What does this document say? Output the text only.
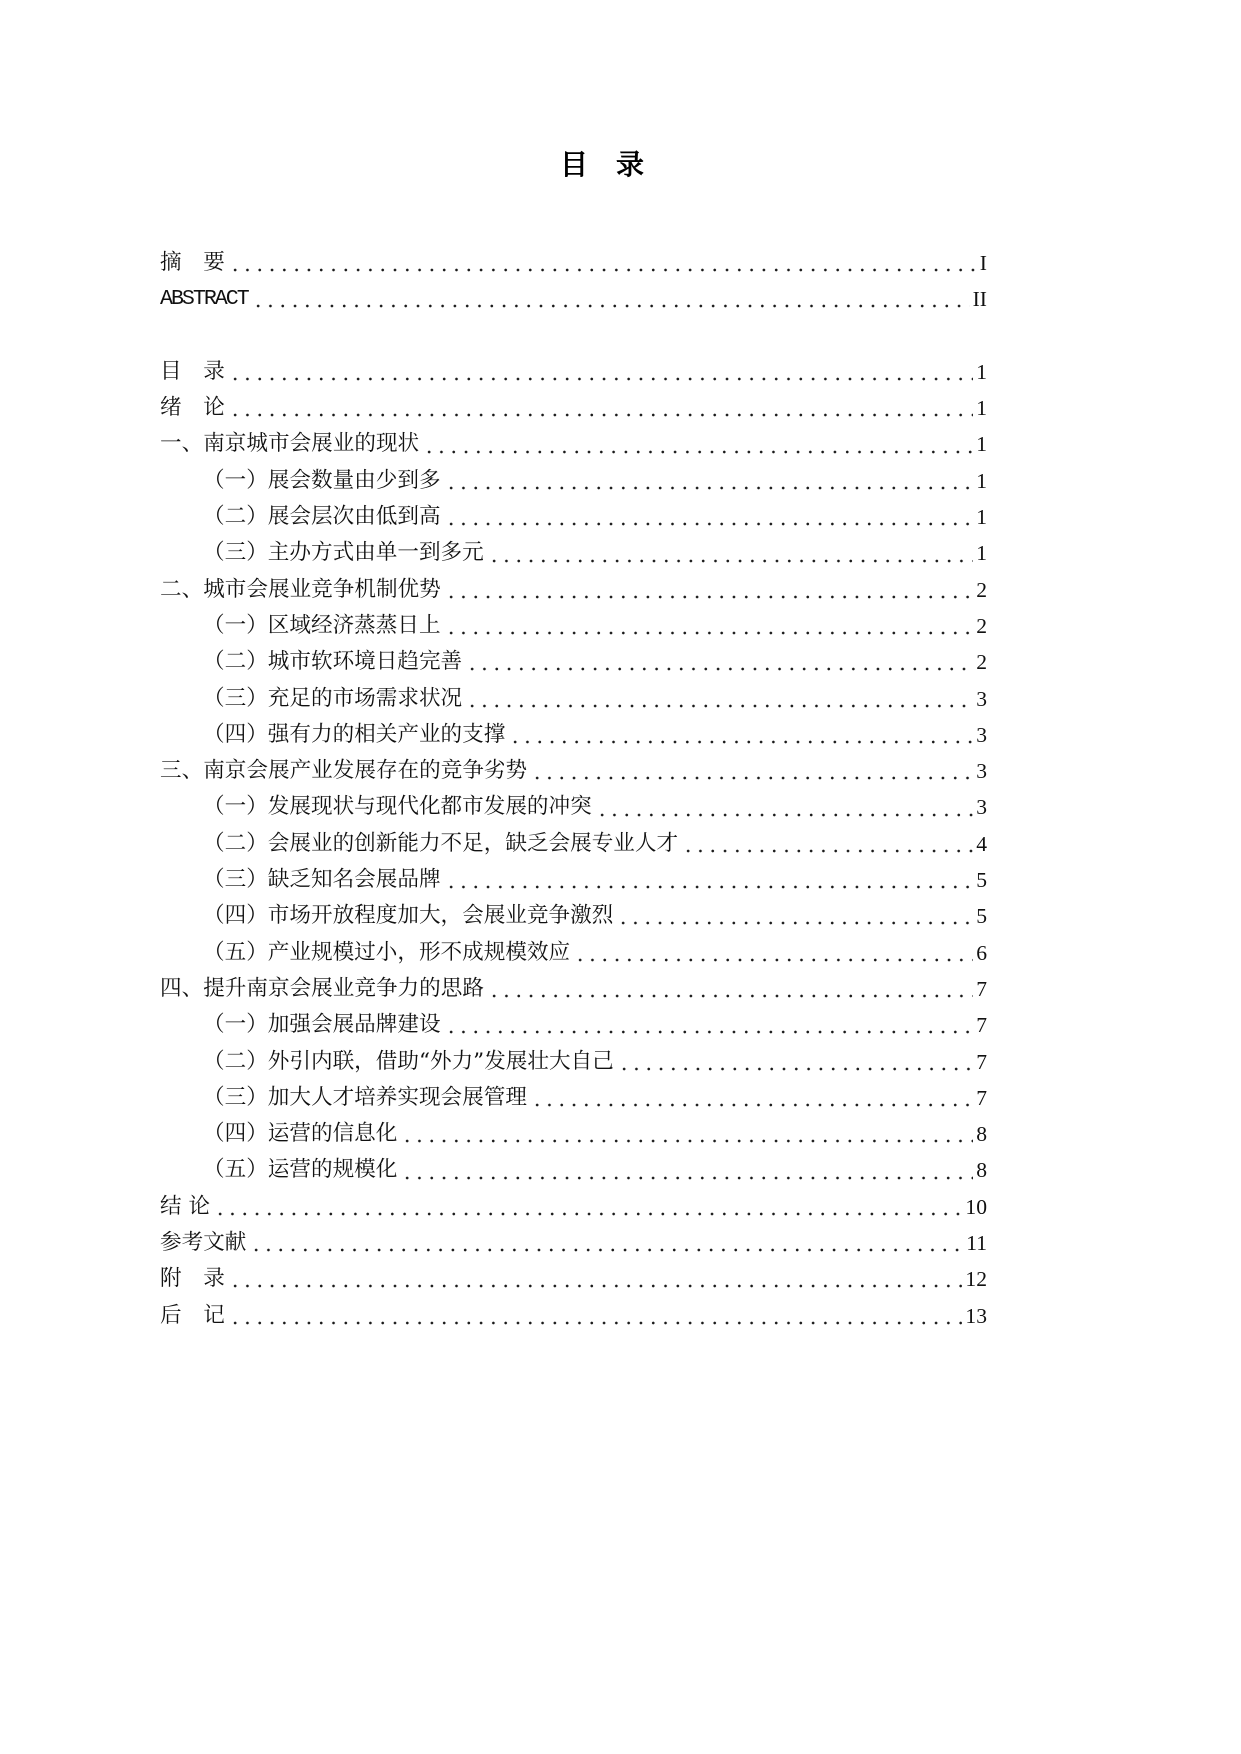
目　录
摘　要	I
ABSTRACT	II
目　录	1
绪　论	1
一、南京城市会展业的现状	1
（一）展会数量由少到多	1
（二）展会层次由低到高	1
（三）主办方式由单一到多元	1
二、城市会展业竞争机制优势	2
（一）区域经济蒸蒸日上	2
（二）城市软环境日趋完善	2
（三）充足的市场需求状况	3
（四）强有力的相关产业的支撑	3
三、南京会展产业发展存在的竞争劣势	3
（一）发展现状与现代化都市发展的冲突	3
（二）会展业的创新能力不足，缺乏会展专业人才	4
（三）缺乏知名会展品牌	5
（四）市场开放程度加大，会展业竞争激烈	5
（五）产业规模过小，形不成规模效应	6
四、提升南京会展业竞争力的思路	7
（一）加强会展品牌建设	7
（二）外引内联，借助“外力”发展壮大自己	7
（三）加大人才培养实现会展管理	7
（四）运营的信息化	8
（五）运营的规模化	8
结 论	10
参考文献	11
附　录	12
后　记	13
